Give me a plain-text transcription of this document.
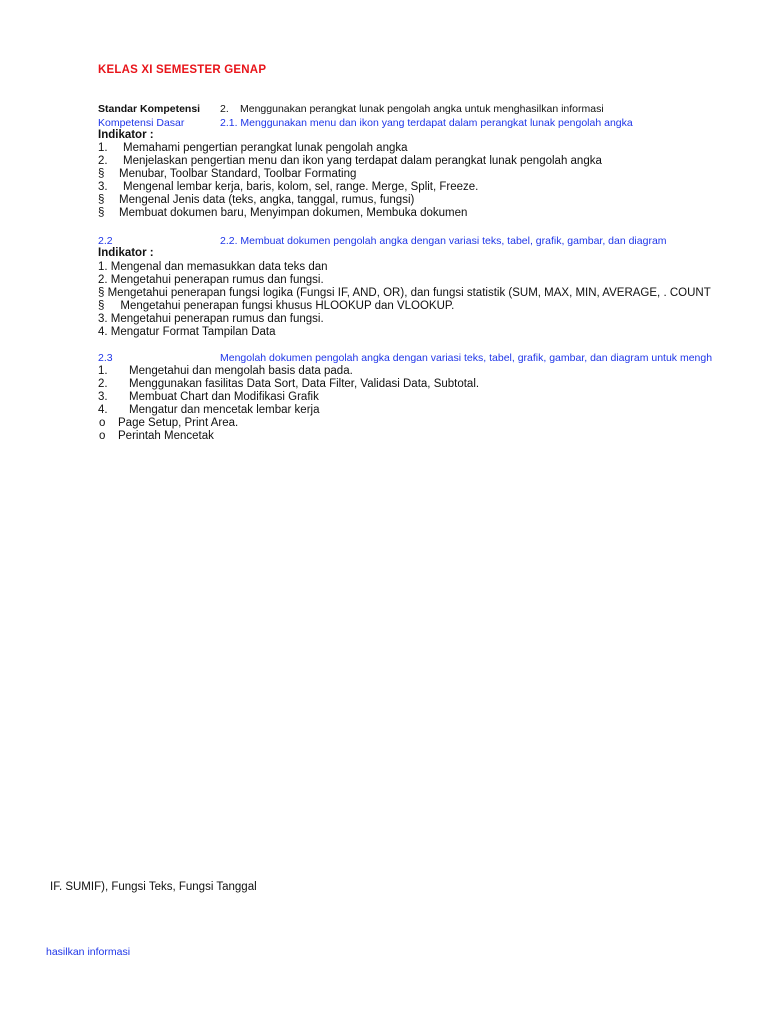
KELAS XI SEMESTER GENAP
Standar Kompetensi 2. Menggunakan perangkat lunak pengolah angka untuk menghasilkan informasi
Kompetensi Dasar	2.1. Menggunakan menu dan ikon yang terdapat dalam perangkat lunak pengolah angka
Indikator :
1. Memahami pengertian perangkat lunak pengolah angka
2. Menjelaskan pengertian menu dan ikon yang terdapat dalam perangkat lunak pengolah angka
§ Menubar, Toolbar Standard, Toolbar Formating
3. Mengenal lembar kerja, baris, kolom, sel, range. Merge, Split, Freeze.
§ Mengenal Jenis data (teks, angka, tanggal, rumus, fungsi)
§ Membuat dokumen baru, Menyimpan dokumen, Membuka dokumen
2.2	2.2. Membuat dokumen pengolah angka dengan variasi teks, tabel, grafik, gambar, dan diagram
Indikator :
1. Mengenal dan memasukkan data teks dan
2. Mengetahui penerapan rumus dan fungsi.
§ Mengetahui penerapan fungsi logika (Fungsi IF, AND, OR), dan fungsi statistik (SUM, MAX, MIN, AVERAGE, . COUNT
§     Mengetahui penerapan fungsi khusus HLOOKUP dan VLOOKUP.
3. Mengetahui penerapan rumus dan fungsi.
4. Mengatur Format Tampilan Data
2.3	Mengolah dokumen pengolah angka dengan variasi teks, tabel, grafik, gambar, dan diagram untuk mengh
1. Mengetahui dan mengolah basis data pada.
2. Menggunakan fasilitas Data Sort, Data Filter, Validasi Data, Subtotal.
3. Membuat Chart dan Modifikasi Grafik
4. Mengatur dan mencetak lembar kerja
o Page Setup, Print Area.
o Perintah Mencetak
IF. SUMIF), Fungsi Teks, Fungsi Tanggal
hasilkan informasi
